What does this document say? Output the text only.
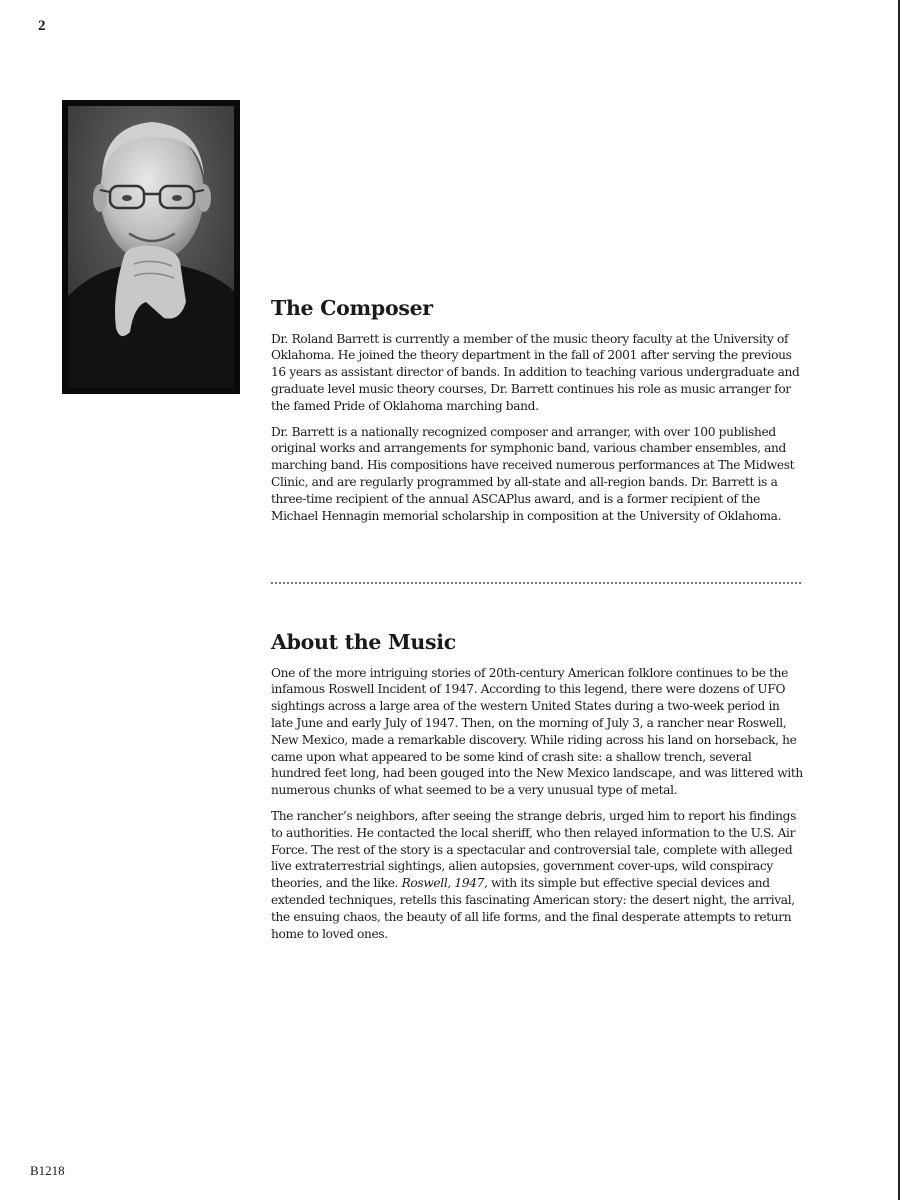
2
The Composer

Dr. Roland Barrett is currently a member of the music theory faculty at the University of Oklahoma. He joined the theory department in the fall of 2001 after serving the previous 16 years as assistant director of bands. In addition to teaching various undergraduate and graduate level music theory courses, Dr. Barrett continues his role as music arranger for the famed Pride of Oklahoma marching band.

Dr. Barrett is a nationally recognized composer and arranger, with over 100 published original works and arrangements for symphonic band, various chamber ensembles, and marching band. His compositions have received numerous performances at The Midwest Clinic, and are regularly programmed by all-state and all-region bands. Dr. Barrett is a three-time recipient of the annual ASCAPlus award, and is a former recipient of the Michael Hennagin memorial scholarship in composition at the University of Oklahoma.

About the Music

One of the more intriguing stories of 20th-century American folklore continues to be the infamous Roswell Incident of 1947. According to this legend, there were dozens of UFO sightings across a large area of the western United States during a two-week period in late June and early July of 1947. Then, on the morning of July 3, a rancher near Roswell, New Mexico, made a remarkable discovery. While riding across his land on horseback, he came upon what appeared to be some kind of crash site: a shallow trench, several hundred feet long, had been gouged into the New Mexico landscape, and was littered with numerous chunks of what seemed to be a very unusual type of metal.

The rancher’s neighbors, after seeing the strange debris, urged him to report his findings to authorities. He contacted the local sheriff, who then relayed information to the U.S. Air Force. The rest of the story is a spectacular and controversial tale, complete with alleged live extraterrestrial sightings, alien autopsies, government cover-ups, wild conspiracy theories, and the like. Roswell, 1947, with its simple but effective special devices and extended techniques, retells this fascinating American story: the desert night, the arrival, the ensuing chaos, the beauty of all life forms, and the final desperate attempts to return home to loved ones.

B1218
